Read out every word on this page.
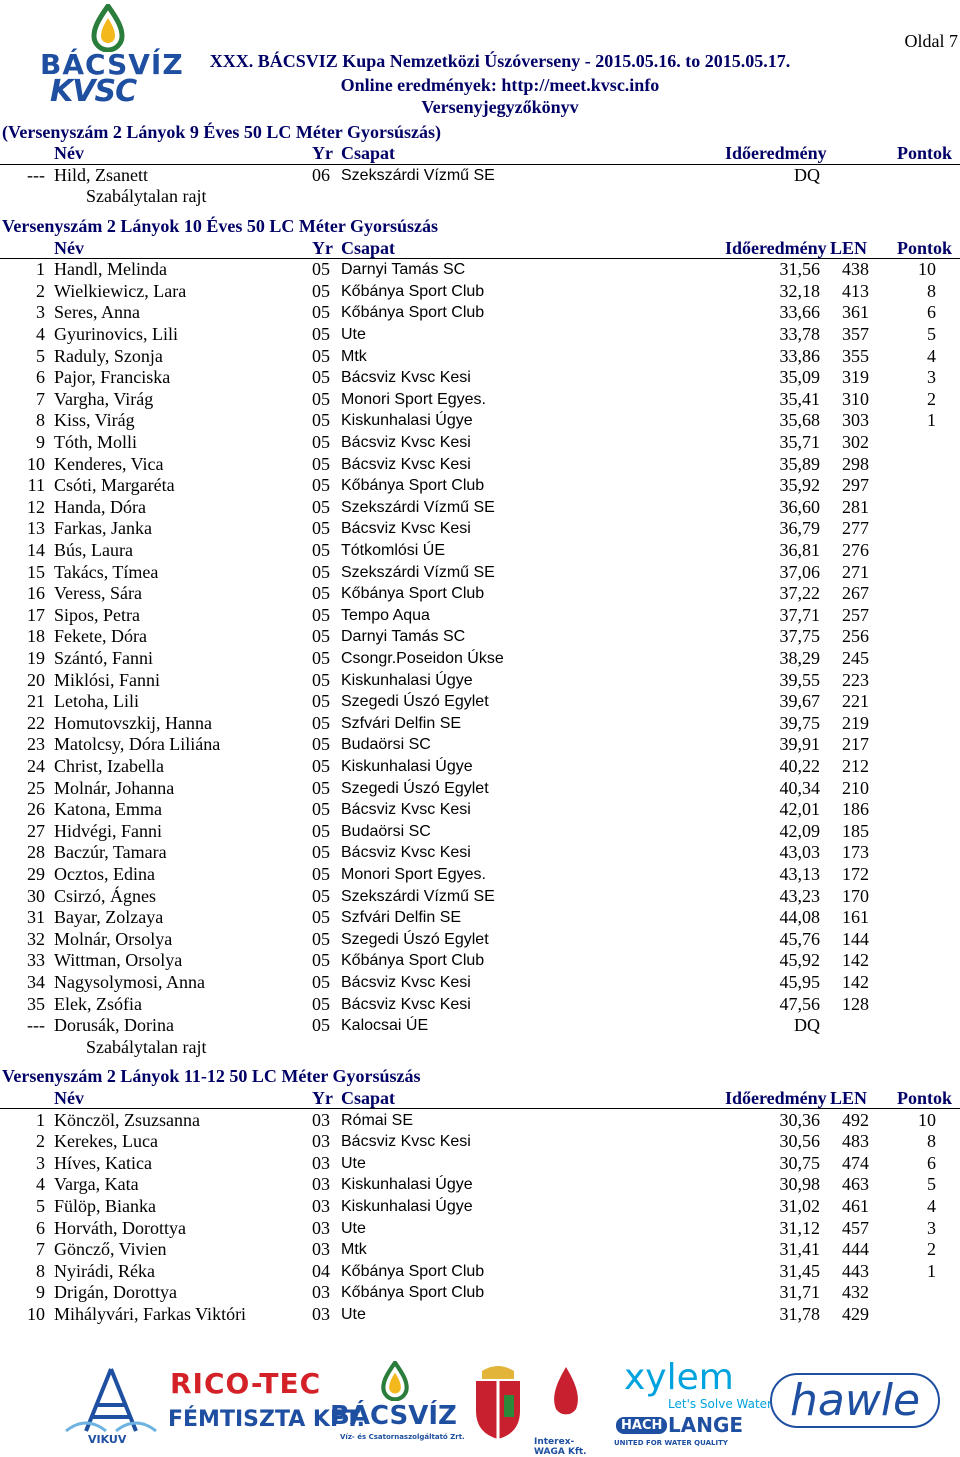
BÁCSVÍZ
KVSC
Oldal 7
XXX. BÁCSVIZ Kupa Nemzetközi Úszóverseny - 2015.05.16. to 2015.05.17.
Online eredmények: http://meet.kvsc.info
Versenyjegyzőkönyv
(Versenyszám 2 Lányok 9 Éves 50 LC Méter Gyorsúszás)
Név	Yr Csapat	Időeredmény	Pontok
--- Hild, Zsanett	06 Szekszárdi Vízmű SE	DQ
Szabálytalan rajt
Versenyszám 2 Lányok 10 Éves 50 LC Méter Gyorsúszás
Név	Yr Csapat	Időeredmény LEN Pontok
1 Handl, Melinda	05 Darnyi Tamás SC	31,56 438	10
2 Wielkiewicz, Lara	05 Kőbánya Sport Club	32,18 413	8
3 Seres, Anna	05 Kőbánya Sport Club	33,66 361	6
4 Gyurinovics, Lili	05 Ute	33,78 357	5
5 Raduly, Szonja	05 Mtk	33,86 355	4
6 Pajor, Franciska	05 Bácsviz Kvsc Kesi	35,09 319	3
7 Vargha, Virág	05 Monori Sport Egyes.	35,41 310	2
8 Kiss, Virág	05 Kiskunhalasi Úgye	35,68 303	1
9 Tóth, Molli	05 Bácsviz Kvsc Kesi	35,71 302
10 Kenderes, Vica	05 Bácsviz Kvsc Kesi	35,89 298
11 Csóti, Margaréta	05 Kőbánya Sport Club	35,92 297
12 Handa, Dóra	05 Szekszárdi Vízmű SE	36,60 281
13 Farkas, Janka	05 Bácsviz Kvsc Kesi	36,79 277
14 Bús, Laura	05 Tótkomlósi ÚE	36,81 276
15 Takács, Tímea	05 Szekszárdi Vízmű SE	37,06 271
16 Veress, Sára	05 Kőbánya Sport Club	37,22 267
17 Sipos, Petra	05 Tempo Aqua	37,71 257
18 Fekete, Dóra	05 Darnyi Tamás SC	37,75 256
19 Szántó, Fanni	05 Csongr.Poseidon Úkse	38,29 245
20 Miklósi, Fanni	05 Kiskunhalasi Úgye	39,55 223
21 Letoha, Lili	05 Szegedi Úszó Egylet	39,67 221
22 Homutovszkij, Hanna	05 Szfvári Delfin SE	39,75 219
23 Matolcsy, Dóra Liliána	05 Budaörsi SC	39,91 217
24 Christ, Izabella	05 Kiskunhalasi Úgye	40,22 212
25 Molnár, Johanna	05 Szegedi Úszó Egylet	40,34 210
26 Katona, Emma	05 Bácsviz Kvsc Kesi	42,01 186
27 Hidvégi, Fanni	05 Budaörsi SC	42,09 185
28 Baczúr, Tamara	05 Bácsviz Kvsc Kesi	43,03 173
29 Ocztos, Edina	05 Monori Sport Egyes.	43,13 172
30 Csirzó, Ágnes	05 Szekszárdi Vízmű SE	43,23 170
31 Bayar, Zolzaya	05 Szfvári Delfin SE	44,08 161
32 Molnár, Orsolya	05 Szegedi Úszó Egylet	45,76 144
33 Wittman, Orsolya	05 Kőbánya Sport Club	45,92 142
34 Nagysolymosi, Anna	05 Bácsviz Kvsc Kesi	45,95 142
35 Elek, Zsófia	05 Bácsviz Kvsc Kesi	47,56 128
--- Dorusák, Dorina	05 Kalocsai ÚE	DQ
Szabálytalan rajt
Versenyszám 2 Lányok 11-12 50 LC Méter Gyorsúszás
Név	Yr Csapat	Időeredmény LEN Pontok
1 Könczöl, Zsuzsanna	03 Római SE	30,36 492	10
2 Kerekes, Luca	03 Bácsviz Kvsc Kesi	30,56 483	8
3 Híves, Katica	03 Ute	30,75 474	6
4 Varga, Kata	03 Kiskunhalasi Úgye	30,98 463	5
5 Fülöp, Bianka	03 Kiskunhalasi Úgye	31,02 461	4
6 Horváth, Dorottya	03 Ute	31,12 457	3
7 Göncző, Vivien	03 Mtk	31,41 444	2
8 Nyirádi, Réka	04 Kőbánya Sport Club	31,45 443	1
9 Drigán, Dorottya	03 Kőbánya Sport Club	31,71 432
10 Mihályvári, Farkas Viktóri	03 Ute	31,78 429
VIKUV
RICO-TEC
FÉMTISZTA KFT.
BÁCSVÍZ
Víz- és Csatornaszolgáltató Zrt.	Interex-WAGA Kft.
xylem
Let's Solve Water
HACH LANGE
UNITED FOR WATER QUALITY
hawle
